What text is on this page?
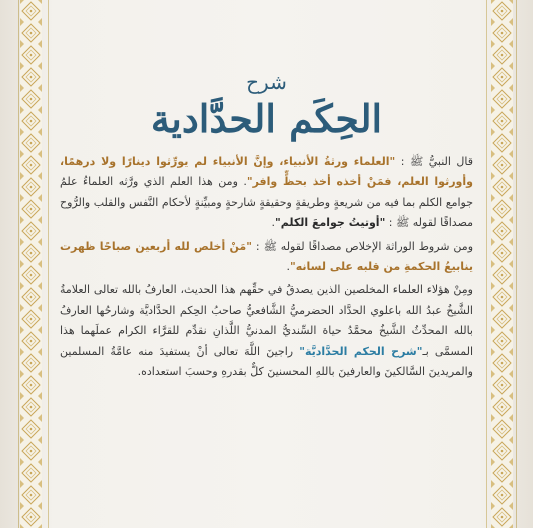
شرح
الحِكَم الحدَّادية

قال النبيُّ ﷺ : "العلماء ورثةُ الأنبياء، وإنَّ الأنبياء لم يورِّثوا دينارًا ولا درهمًا، وأورثوا العلم، فمَنْ أخذه أخذ بحظٍّ وافر". ومن هذا العلم الذي ورَّثه العلماءُ علمُ جوامع الكلم بما فيه من شريعةٍ وطريقةٍ وحقيقةٍ شارحةٍ ومبيِّنةٍ لأحكام النَّفس والقلب والرُّوح مصداقًا لقوله ﷺ : "أوتيتُ جوامعَ الكلم".

ومن شروط الوراثة الإخلاص مصداقًا لقوله ﷺ : "مَنْ أخلص لله أربعين صباحًا ظهرت ينابيعُ الحكمةِ من قلبه على لسانه".

ومِنْ هؤلاء العلماء المخلصين الذين يصدقُ في حقِّهم هذا الحديث، العارفُ بالله تعالى العلامةُ الشَّيخُ عبدُ الله باعلوي الحدَّاد الحضرميُّ الشَّافعيُّ صاحبُ الحِكم الحدَّاديَّة وشارحُها العارفُ بالله المحدِّثُ الشَّيخُ محمَّدُ حياة السِّنديُّ المدنيُّ اللَّذانِ نقدِّم للقرَّاء الكرام عملَهما هذا المسمَّى بـ"شرح الحكم الحدَّاديَّة" راجينَ اللَّهَ تعالى أنْ يستفيدَ منه عامَّةُ المسلمين والمريدينَ السَّالكينَ والعارفينَ باللهِ المحسنينَ كلٌّ بقدرهِ وحسبَ استعداده.
